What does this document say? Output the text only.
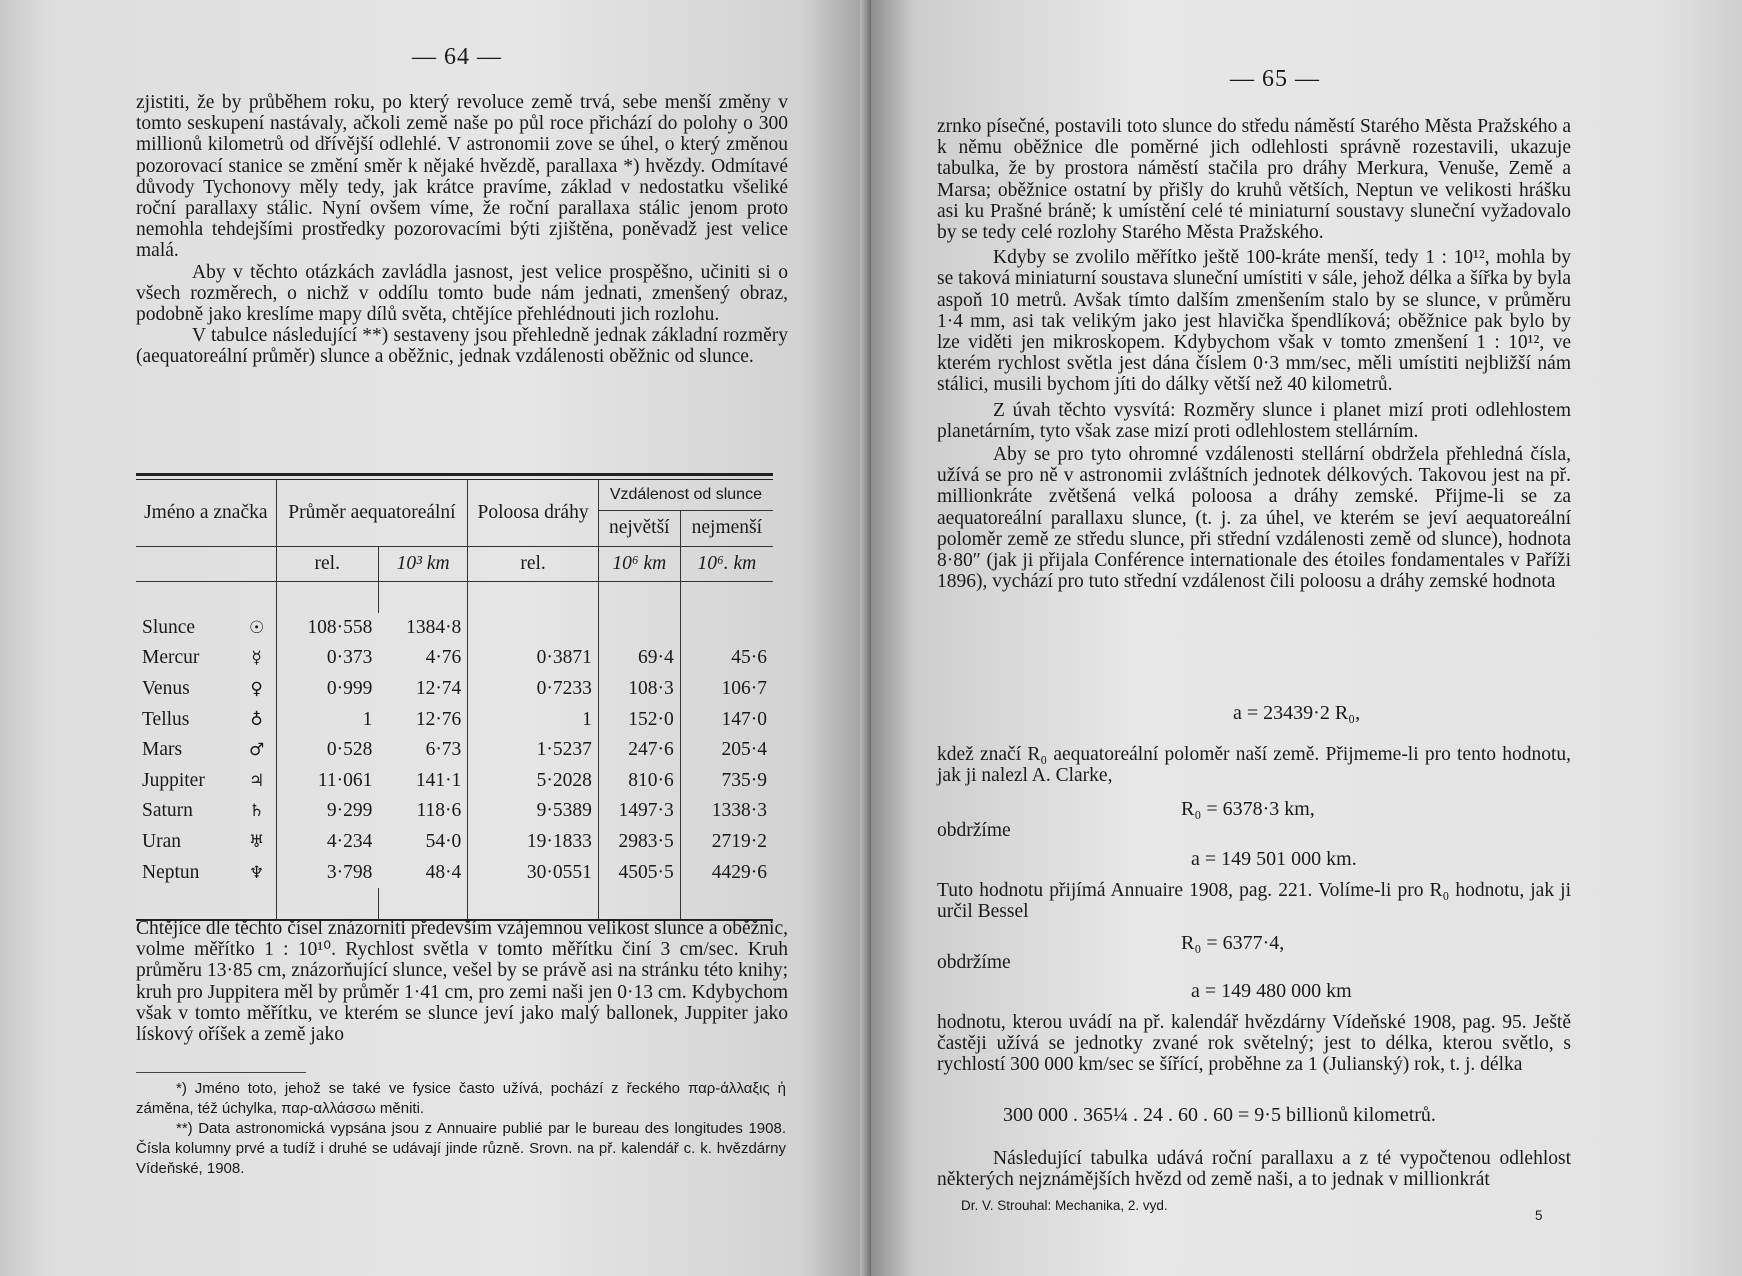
— 64 —

zjistiti, že by průběhem roku, po který revoluce země trvá, sebe menší změny v tomto seskupení nastávaly, ačkoli země naše po půl roce přichází do polohy o 300 millionů kilometrů od dřívější odlehlé. V astronomii zove se úhel, o který změnou pozorovací stanice se změní směr k nějaké hvězdě, parallaxa *) hvězdy. Odmítavé důvody Tychonovy měly tedy, jak krátce pravíme, základ v nedostatku všeliké roční parallaxy stálic. Nyní ovšem víme, že roční parallaxa stálic jenom proto nemohla tehdejšími prostředky pozorovacími býti zjištěna, poněvadž jest velice malá.

Aby v těchto otázkách zavládla jasnost, jest velice prospěšno, učiniti si o všech rozměrech, o nichž v oddílu tomto bude nám jednati, zmenšený obraz, podobně jako kreslíme mapy dílů světa, chtějíce přehlédnouti jich rozlohu.

V tabulce následující **) sestaveny jsou přehledně jednak základní rozměry (aequatoreální průměr) slunce a oběžnic, jednak vzdálenosti oběžnic od slunce.

Jméno a značka		Průměr aequatoreální		Poloosa dráhy	Vzdálenost od slunce	
					největší	nejmenší
		rel.	10³ km	rel.	10⁶ km	10⁶. km

Slunce	☉	108·558	1384·8			
Mercur	☿	0·373	4·76	0·3871	69·4	45·6
Venus	♀	0·999	12·74	0·7233	108·3	106·7
Tellus	♁	1	12·76	1	152·0	147·0
Mars	♂	0·528	6·73	1·5237	247·6	205·4
Juppiter	♃	11·061	141·1	5·2028	810·6	735·9
Saturn	♄	9·299	118·6	9·5389	1497·3	1338·3
Uran	♅	4·234	54·0	19·1833	2983·5	2719·2
Neptun	♆	3·798	48·4	30·0551	4505·5	4429·6

Chtějíce dle těchto čísel znázorniti především vzájemnou velikost slunce a oběžnic, volme měřítko 1 : 10¹⁰. Rychlost světla v tomto měřítku činí 3 cm/sec. Kruh průměru 13·85 cm, znázorňující slunce, vešel by se právě asi na stránku této knihy; kruh pro Juppitera měl by průměr 1·41 cm, pro zemi naši jen 0·13 cm. Kdybychom však v tomto měřítku, ve kterém se slunce jeví jako malý ballonek, Juppiter jako lískový oříšek a země jako

*) Jméno toto, jehož se také ve fysice často užívá, pochází z řeckého παρ-άλλαξις ἡ záměna, též úchylka, παρ-αλλάσσω měniti.

**) Data astronomická vypsána jsou z Annuaire publié par le bureau des longitudes 1908. Čísla kolumny prvé a tudíž i druhé se udávají jinde různě. Srovn. na př. kalendář c. k. hvězdárny Vídeňské, 1908.

— 65 —

zrnko písečné, postavili toto slunce do středu náměstí Starého Města Pražského a k němu oběžnice dle poměrné jich odlehlosti správně rozestavili, ukazuje tabulka, že by prostora náměstí stačila pro dráhy Merkura, Venuše, Země a Marsa; oběžnice ostatní by přišly do kruhů větších, Neptun ve velikosti hrášku asi ku Prašné bráně; k umístění celé té miniaturní soustavy sluneční vyžadovalo by se tedy celé rozlohy Starého Města Pražského.

Kdyby se zvolilo měřítko ještě 100-kráte menší, tedy 1 : 10¹², mohla by se taková miniaturní soustava sluneční umístiti v sále, jehož délka a šířka by byla aspoň 10 metrů. Avšak tímto dalším zmenšením stalo by se slunce, v průměru 1·4 mm, asi tak velikým jako jest hlavička špendlíková; oběžnice pak bylo by lze viděti jen mikroskopem. Kdybychom však v tomto zmenšení 1 : 10¹², ve kterém rychlost světla jest dána číslem 0·3 mm/sec, měli umístiti nejbližší nám stálici, musili bychom jíti do dálky větší než 40 kilometrů.

Z úvah těchto vysvítá: Rozměry slunce i planet mizí proti odlehlostem planetárním, tyto však zase mizí proti odlehlostem stellárním.

Aby se pro tyto ohromné vzdálenosti stellární obdržela přehledná čísla, užívá se pro ně v astronomii zvláštních jednotek délkových. Takovou jest na př. millionkráte zvětšená velká poloosa a dráhy zemské. Přijme-li se za aequatoreální parallaxu slunce, (t. j. za úhel, ve kterém se jeví aequatoreální poloměr země ze středu slunce, při střední vzdálenosti země od slunce), hodnota 8·80″ (jak ji přijala Conférence internationale des étoiles fondamentales v Paříži 1896), vychází pro tuto střední vzdálenost čili poloosu a dráhy zemské hodnota

a = 23439·2 R₀,

kdež značí R₀ aequatoreální poloměr naší země. Přijmeme-li pro tento hodnotu, jak ji nalezl A. Clarke,

R₀ = 6378·3 km,
obdržíme
a = 149 501 000 km.

Tuto hodnotu přijímá Annuaire 1908, pag. 221. Volíme-li pro R₀ hodnotu, jak ji určil Bessel

R₀ = 6377·4,
obdržíme
a = 149 480 000 km

hodnotu, kterou uvádí na př. kalendář hvězdárny Vídeňské 1908, pag. 95. Ještě častěji užívá se jednotky zvané rok světelný; jest to délka, kterou světlo, s rychlostí 300 000 km/sec se šířící, proběhne za 1 (Julianský) rok, t. j. délka

300 000 . 365¼ . 24 . 60 . 60 = 9·5 billionů kilometrů.

Následující tabulka udává roční parallaxu a z té vypočtenou odlehlost některých nejznámějších hvězd od země naši, a to jednak v millionkrát

Dr. V. Strouhal: Mechanika, 2. vyd.
5
